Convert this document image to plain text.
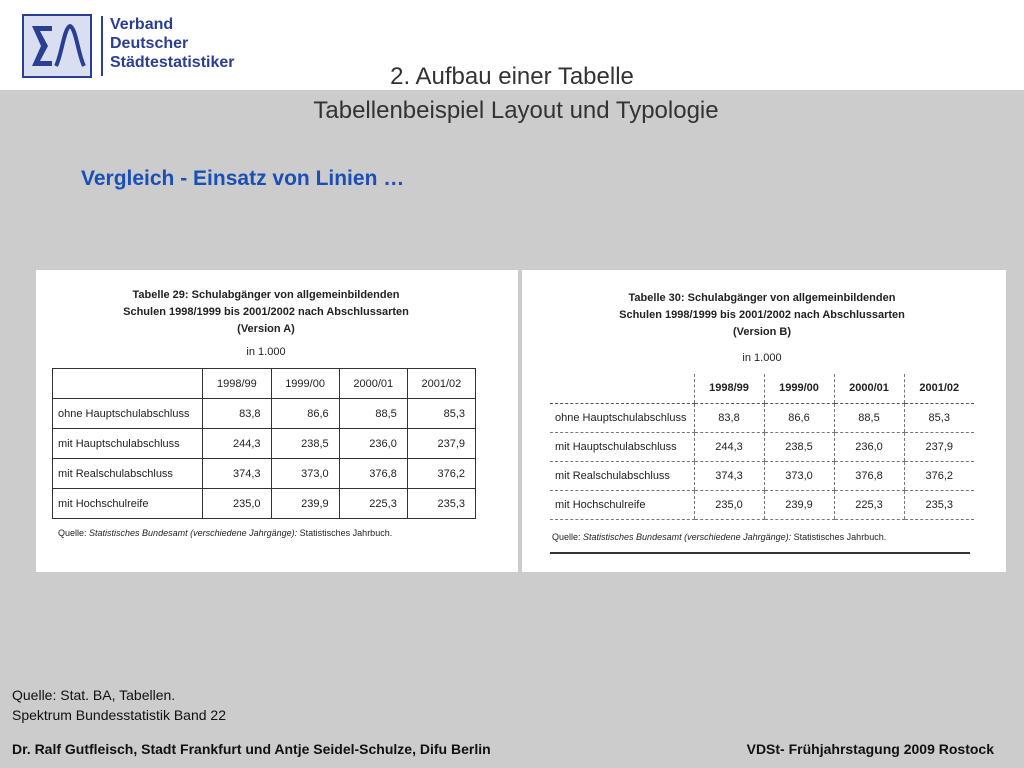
Verband
Deutscher
Städtestatistiker
2. Aufbau einer Tabelle
Tabellenbeispiel Layout und Typologie
Vergleich - Einsatz von Linien …
Tabelle 29: Schulabgänger von allgemeinbildenden
Schulen 1998/1999 bis 2001/2002 nach Abschlussarten
(Version A)
in 1.000
	1998/99	1999/00	2000/01	2001/02
ohne Hauptschulabschluss	83,8	86,6	88,5	85,3
mit Hauptschulabschluss	244,3	238,5	236,0	237,9
mit Realschulabschluss	374,3	373,0	376,8	376,2
mit Hochschulreife	235,0	239,9	225,3	235,3
Quelle: Statistisches Bundesamt (verschiedene Jahrgänge): Statistisches Jahrbuch.
Tabelle 30: Schulabgänger von allgemeinbildenden
Schulen 1998/1999 bis 2001/2002 nach Abschlussarten
(Version B)
in 1.000
	1998/99	1999/00	2000/01	2001/02
ohne Hauptschulabschluss	83,8	86,6	88,5	85,3
mit Hauptschulabschluss	244,3	238,5	236,0	237,9
mit Realschulabschluss	374,3	373,0	376,8	376,2
mit Hochschulreife	235,0	239,9	225,3	235,3
Quelle: Statistisches Bundesamt (verschiedene Jahrgänge): Statistisches Jahrbuch.
Quelle: Stat. BA, Tabellen.
Spektrum Bundesstatistik Band 22
Dr. Ralf Gutfleisch, Stadt Frankfurt und Antje Seidel-Schulze, Difu Berlin	VDSt- Frühjahrstagung 2009 Rostock
